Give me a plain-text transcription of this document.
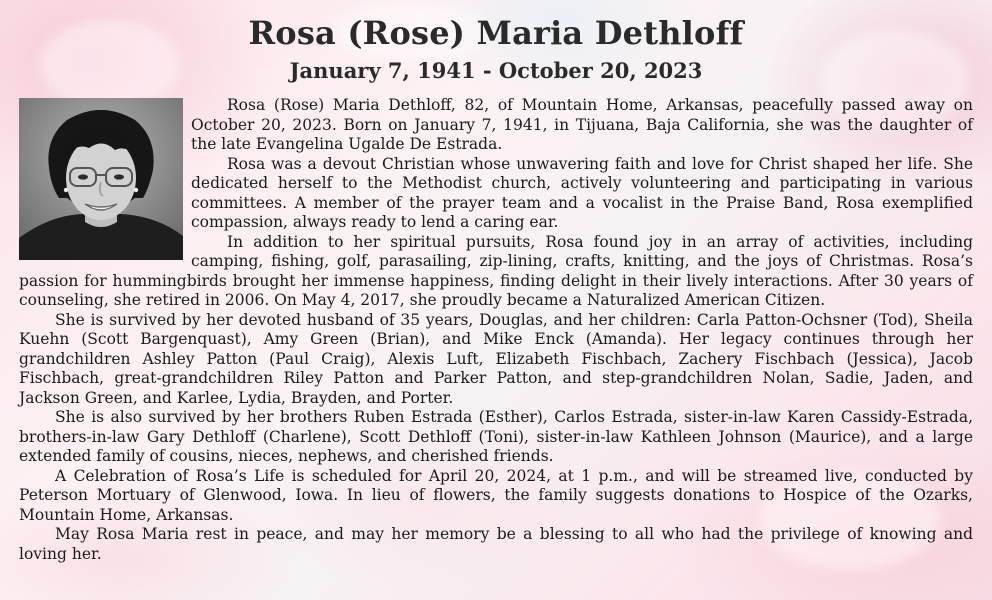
Rosa (Rose) Maria Dethloff
January 7, 1941 - October 20, 2023

Rosa (Rose) Maria Dethloff, 82, of Mountain Home, Arkansas, peacefully passed away on October 20, 2023. Born on January 7, 1941, in Tijuana, Baja California, she was the daughter of the late Evangelina Ugalde De Estrada.

Rosa was a devout Christian whose unwavering faith and love for Christ shaped her life. She dedicated herself to the Methodist church, actively volunteering and participating in various committees. A member of the prayer team and a vocalist in the Praise Band, Rosa exemplified compassion, always ready to lend a caring ear.

In addition to her spiritual pursuits, Rosa found joy in an array of activities, including camping, fishing, golf, parasailing, zip-lining, crafts, knitting, and the joys of Christmas. Rosa’s passion for hummingbirds brought her immense happiness, finding delight in their lively interactions. After 30 years of counseling, she retired in 2006. On May 4, 2017, she proudly became a Naturalized American Citizen.

She is survived by her devoted husband of 35 years, Douglas, and her children: Carla Patton-Ochsner (Tod), Sheila Kuehn (Scott Bargenquast), Amy Green (Brian), and Mike Enck (Amanda). Her legacy continues through her grandchildren Ashley Patton (Paul Craig), Alexis Luft, Elizabeth Fischbach, Zachery Fischbach (Jessica), Jacob Fischbach, great-grandchildren Riley Patton and Parker Patton, and step-grandchildren Nolan, Sadie, Jaden, and Jackson Green, and Karlee, Lydia, Brayden, and Porter.

She is also survived by her brothers Ruben Estrada (Esther), Carlos Estrada, sister-in-law Karen Cassidy-Estrada, brothers-in-law Gary Dethloff (Charlene), Scott Dethloff (Toni), sister-in-law Kathleen Johnson (Maurice), and a large extended family of cousins, nieces, nephews, and cherished friends.

A Celebration of Rosa’s Life is scheduled for April 20, 2024, at 1 p.m., and will be streamed live, conducted by Peterson Mortuary of Glenwood, Iowa. In lieu of flowers, the family suggests donations to Hospice of the Ozarks, Mountain Home, Arkansas.

May Rosa Maria rest in peace, and may her memory be a blessing to all who had the privilege of knowing and loving her.
